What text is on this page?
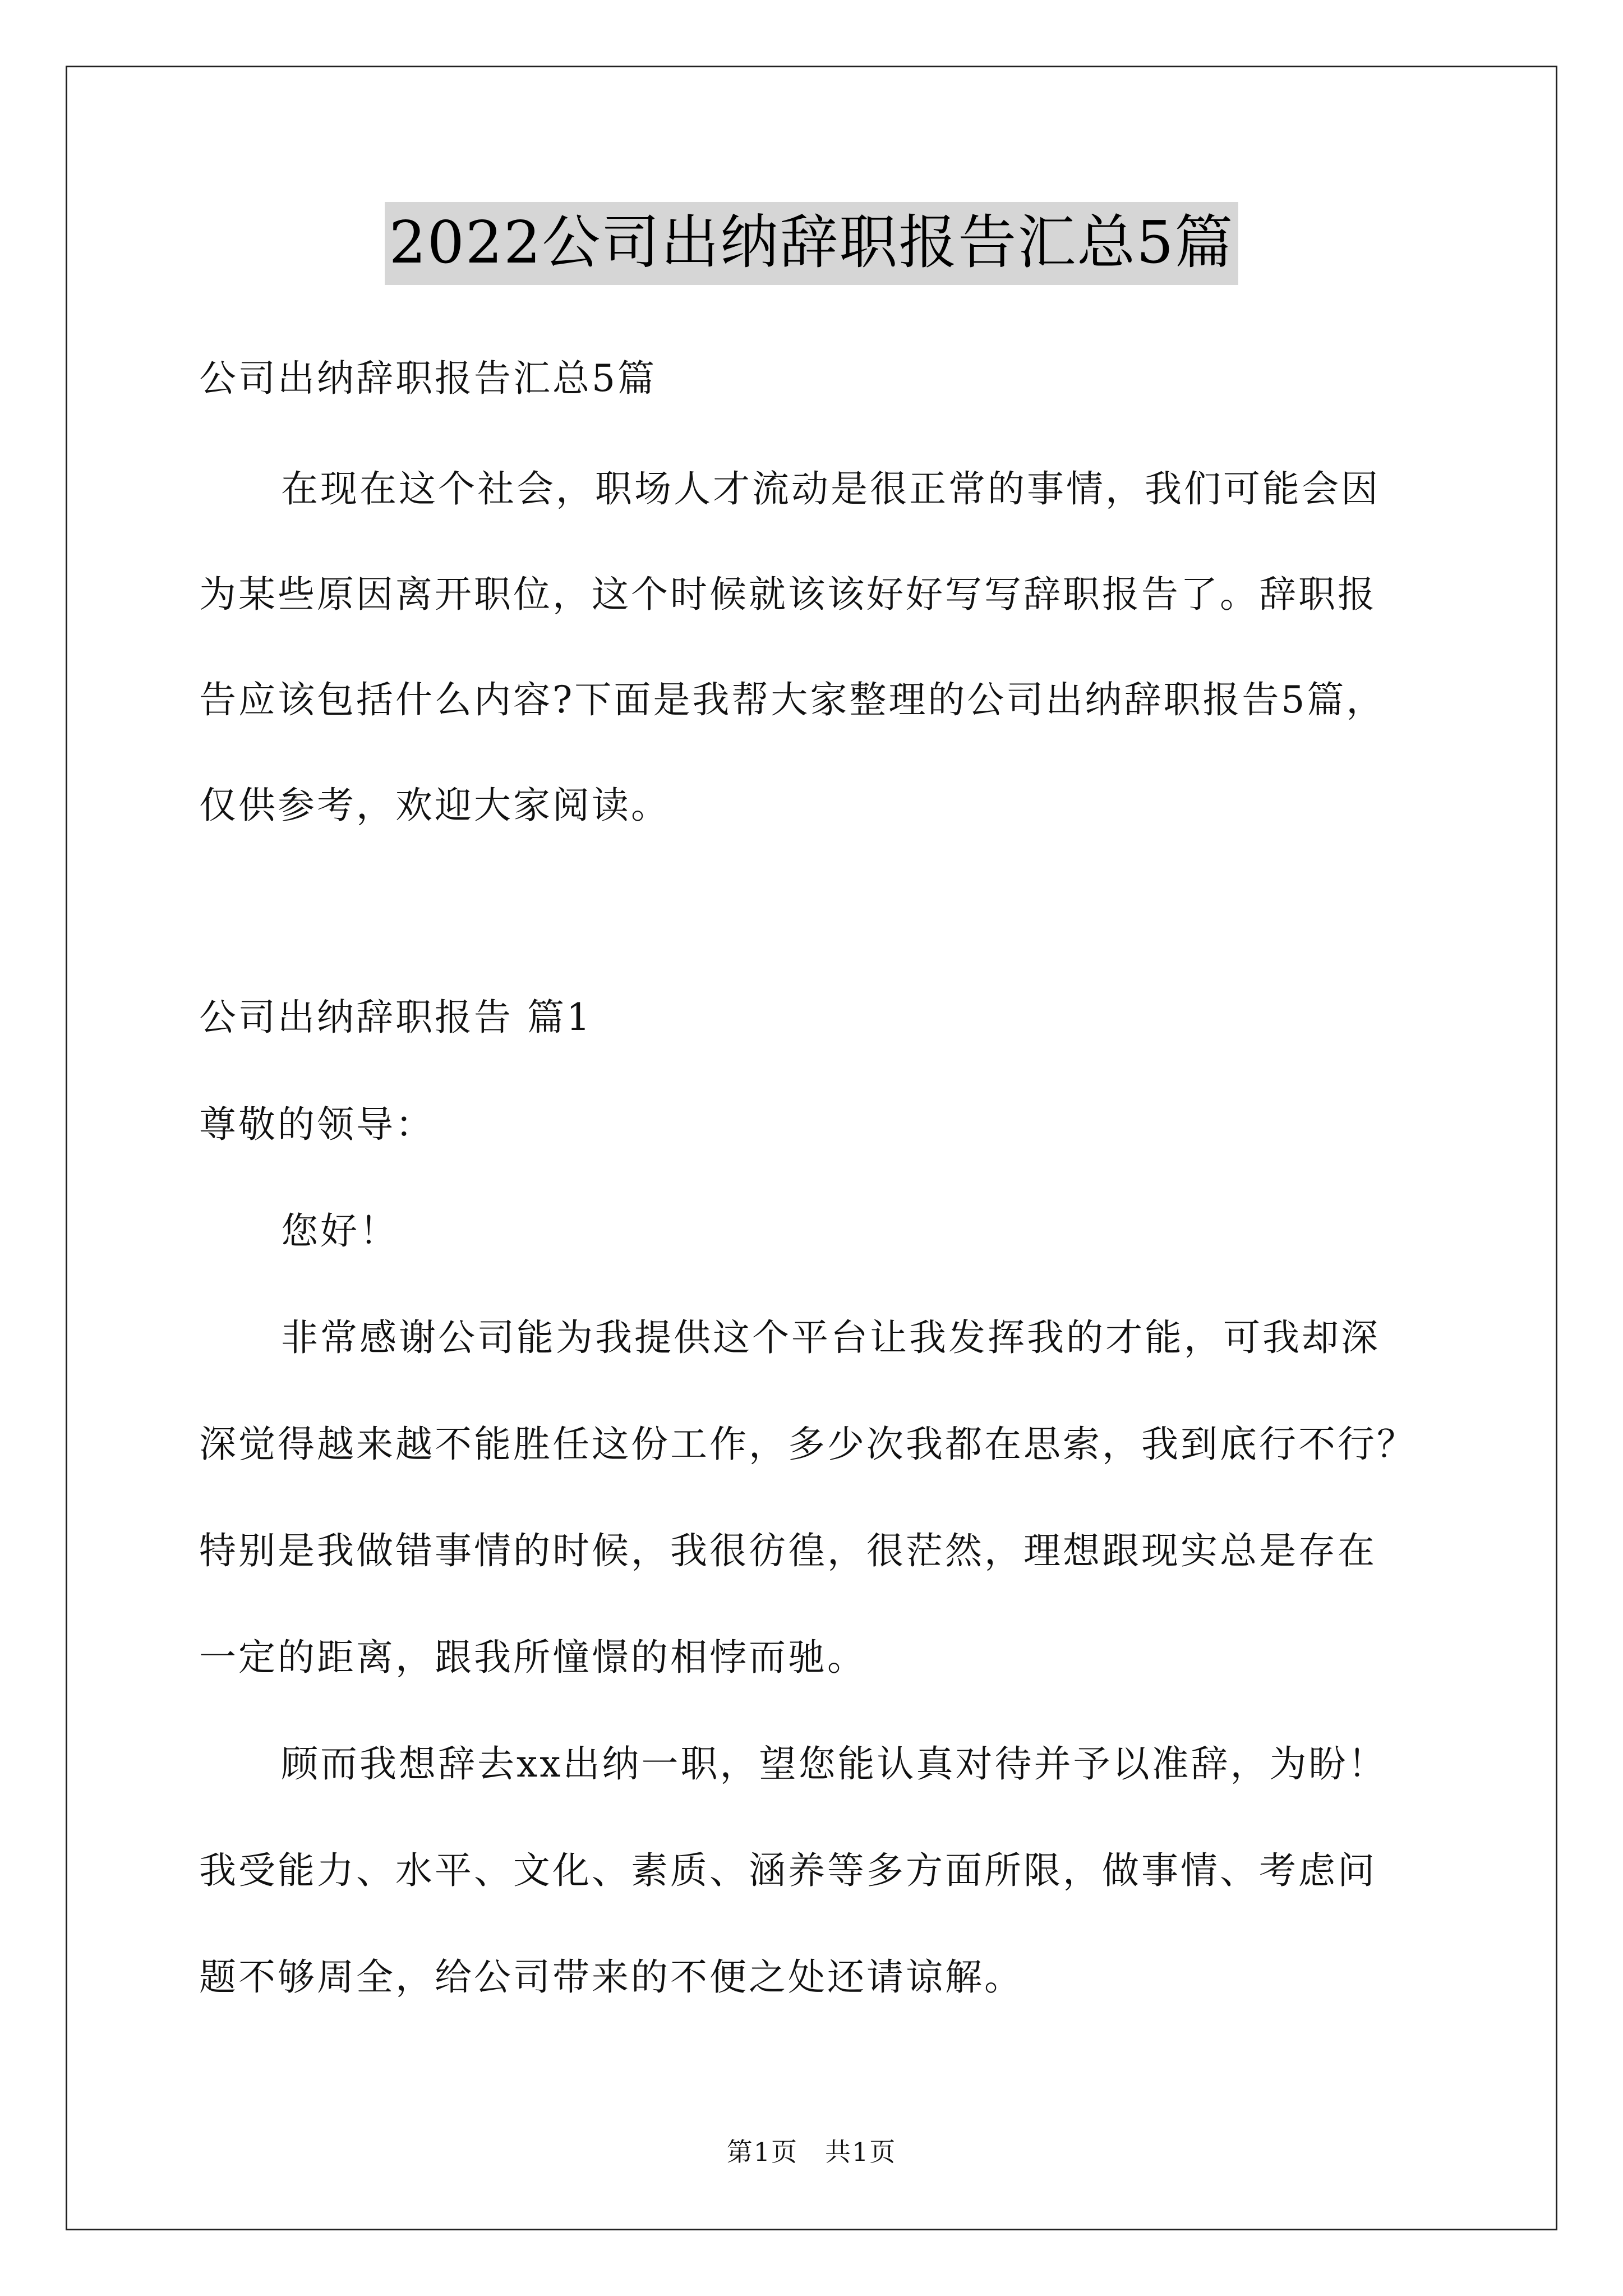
2022公司出纳辞职报告汇总5篇
公司出纳辞职报告汇总5篇
在现在这个社会，职场人才流动是很正常的事情，我们可能会因
为某些原因离开职位，这个时候就该该好好写写辞职报告了。辞职报
告应该包括什么内容?下面是我帮大家整理的公司出纳辞职报告5篇，
仅供参考，欢迎大家阅读。
公司出纳辞职报告 篇1
尊敬的领导：
您好！
非常感谢公司能为我提供这个平台让我发挥我的才能，可我却深
深觉得越来越不能胜任这份工作，多少次我都在思索，我到底行不行？
特别是我做错事情的时候，我很彷徨，很茫然，理想跟现实总是存在
一定的距离，跟我所憧憬的相悖而驰。
顾而我想辞去xx出纳一职，望您能认真对待并予以准辞，为盼！
我受能力、水平、文化、素质、涵养等多方面所限，做事情、考虑问
题不够周全，给公司带来的不便之处还请谅解。
第1页　共1页
